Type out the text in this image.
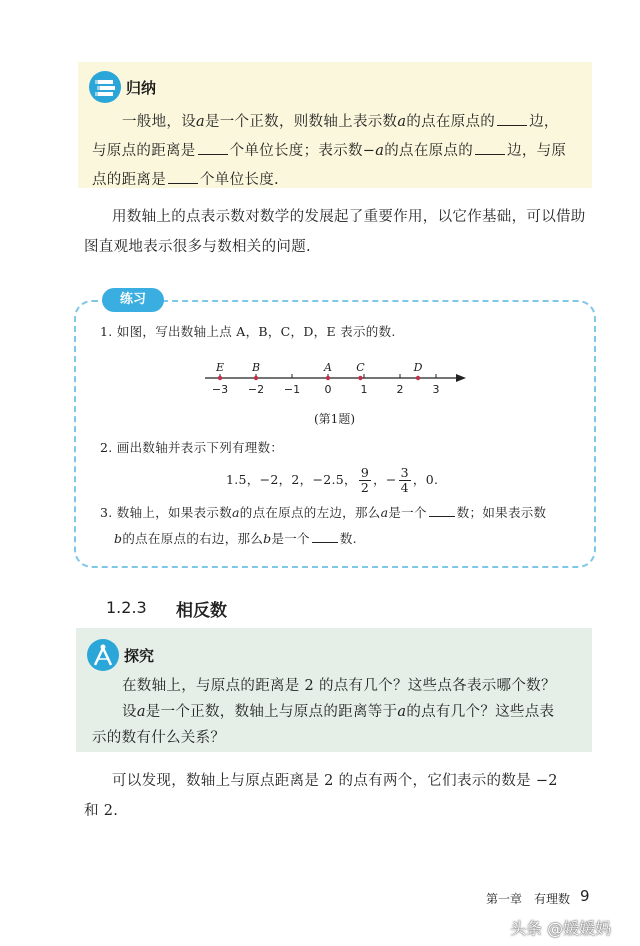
归纳
一般地，设a是一个正数，则数轴上表示数a的点在原点的 边，
与原点的距离是 个单位长度；表示数−a的点在原点的 边，与原
点的距离是 个单位长度.
用数轴上的点表示数对数学的发展起了重要作用，以它作基础，可以借助
图直观地表示很多与数相关的问题.
练习
1. 如图，写出数轴上点 A，B，C，D，E 表示的数.
−3 −2 −1 0	1	2	3
E	B	A C	D
(第1题)
2. 画出数轴并表示下列有理数：
1.5，−2，2，−2.5， $\frac{9}{2}$ ，− $\frac{3}{4}$ ，0.
3. 数轴上，如果表示数a的点在原点的左边，那么a是一个 数；如果表示数
b的点在原点的右边，那么b是一个 数.
1.2.3 相反数
探究
在数轴上，与原点的距离是 2 的点有几个？这些点各表示哪个数？
设a是一个正数，数轴上与原点的距离等于a的点有几个？这些点表
示的数有什么关系？
可以发现，数轴上与原点距离是 2 的点有两个，它们表示的数是 −2
和 2.
第一章　有理数 9
头条 @媛媛妈
